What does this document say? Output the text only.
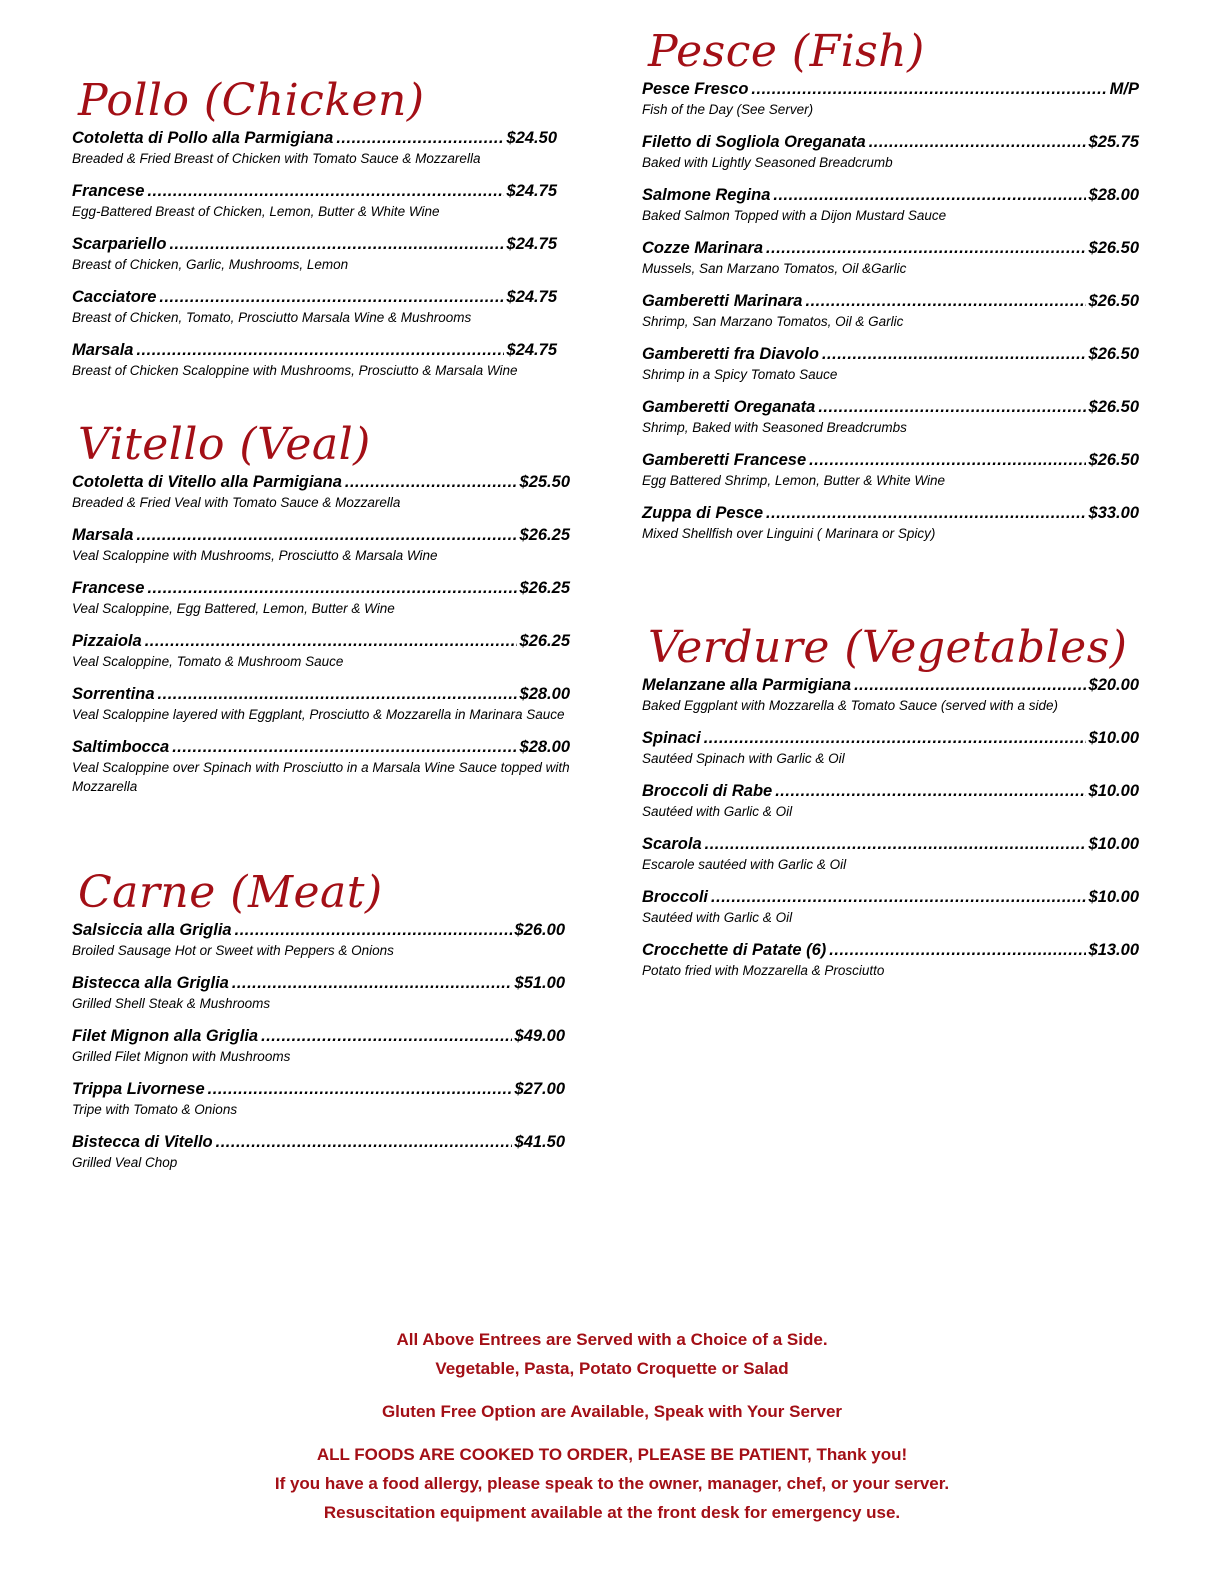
Pollo (Chicken)
Cotoletta di Pollo alla Parmigiana .....	$24.50
Breaded & Fried Breast of Chicken with Tomato Sauce & Mozzarella
Francese .....	$24.75
Egg-Battered Breast of Chicken, Lemon, Butter & White Wine
Scarpariello .....	$24.75
Breast of Chicken, Garlic, Mushrooms, Lemon
Cacciatore .....	$24.75
Breast of Chicken, Tomato, Prosciutto Marsala Wine & Mushrooms
Marsala .....	$24.75
Breast of Chicken Scaloppine with Mushrooms, Prosciutto & Marsala Wine
Vitello (Veal)
Cotoletta di Vitello alla Parmigiana .....	$25.50
Breaded & Fried Veal with Tomato Sauce & Mozzarella
Marsala .....	$26.25
Veal Scaloppine with Mushrooms, Prosciutto & Marsala Wine
Francese .....	$26.25
Veal Scaloppine, Egg Battered, Lemon, Butter & Wine
Pizzaiola .....	$26.25
Veal Scaloppine, Tomato & Mushroom Sauce
Sorrentina .....	$28.00
Veal Scaloppine layered with Eggplant, Prosciutto & Mozzarella in Marinara Sauce
Saltimbocca .....	$28.00
Veal Scaloppine over Spinach with Prosciutto in a Marsala Wine Sauce topped with Mozzarella
Carne (Meat)
Salsiccia alla Griglia .....	$26.00
Broiled Sausage Hot or Sweet with Peppers & Onions
Bistecca alla Griglia .....	$51.00
Grilled Shell Steak & Mushrooms
Filet Mignon alla Griglia .....	$49.00
Grilled Filet Mignon with Mushrooms
Trippa Livornese .....	$27.00
Tripe with Tomato & Onions
Bistecca di Vitello .....	$41.50
Grilled Veal Chop
Pesce (Fish)
Pesce Fresco .....	M/P
Fish of the Day (See Server)
Filetto di Sogliola Oreganata .....	$25.75
Baked with Lightly Seasoned Breadcrumb
Salmone Regina .....	$28.00
Baked Salmon Topped with a Dijon Mustard Sauce
Cozze Marinara .....	$26.50
Mussels, San Marzano Tomatos, Oil &Garlic
Gamberetti Marinara .....	$26.50
Shrimp, San Marzano Tomatos, Oil & Garlic
Gamberetti fra Diavolo .....	$26.50
Shrimp in a Spicy Tomato Sauce
Gamberetti Oreganata .....	$26.50
Shrimp, Baked with Seasoned Breadcrumbs
Gamberetti Francese .....	$26.50
Egg Battered Shrimp, Lemon, Butter & White Wine
Zuppa di Pesce .....	$33.00
Mixed Shellfish over Linguini ( Marinara or Spicy)
Verdure (Vegetables)
Melanzane alla Parmigiana .....	$20.00
Baked Eggplant with Mozzarella & Tomato Sauce (served with a side)
Spinaci .....	$10.00
Sautéed Spinach with Garlic & Oil
Broccoli di Rabe .....	$10.00
Sautéed with Garlic & Oil
Scarola .....	$10.00
Escarole sautéed with Garlic & Oil
Broccoli .....	$10.00
Sautéed with Garlic & Oil
Crocchette di Patate (6) .....	$13.00
Potato fried with Mozzarella & Prosciutto
All Above Entrees are Served with a Choice of a Side.
Vegetable, Pasta, Potato Croquette or Salad
Gluten Free Option are Available, Speak with Your Server
ALL FOODS ARE COOKED TO ORDER, PLEASE BE PATIENT, Thank you!
If you have a food allergy, please speak to the owner, manager, chef, or your server.
Resuscitation equipment available at the front desk for emergency use.
